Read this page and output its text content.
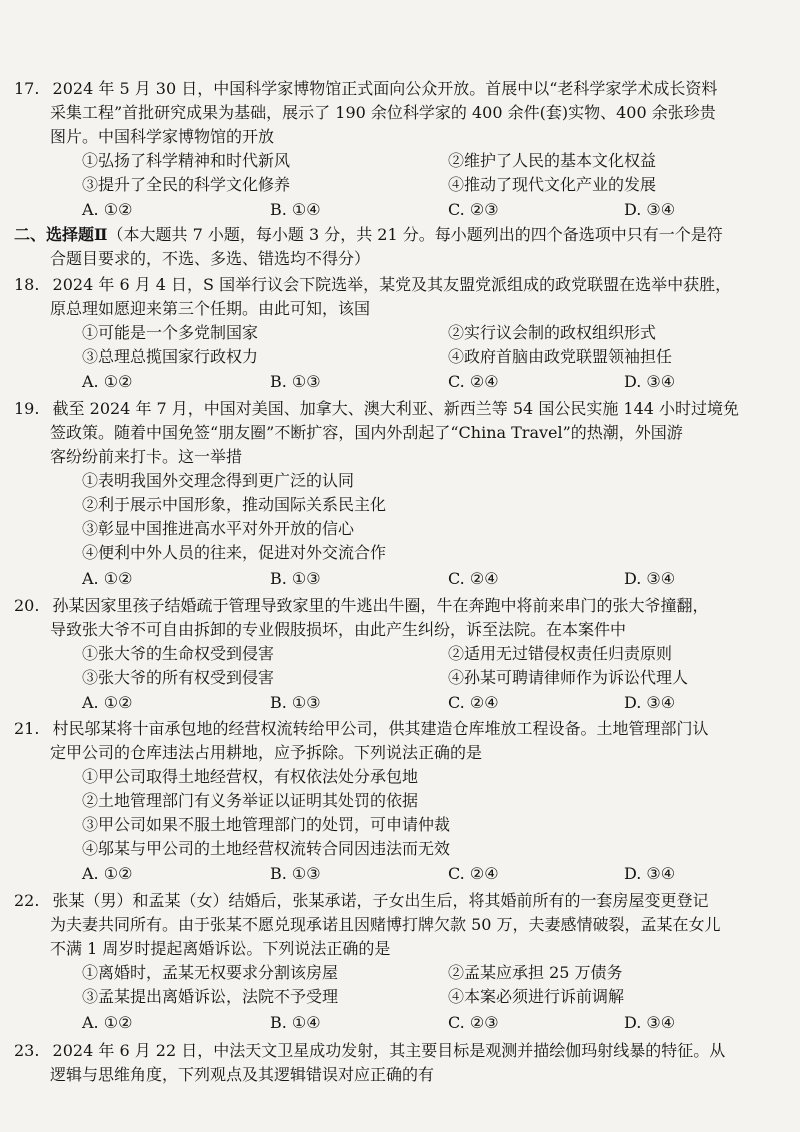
17. 2024 年 5 月 30 日，中国科学家博物馆正式面向公众开放。首展中以“老科学家学术成长资料
采集工程”首批研究成果为基础，展示了 190 余位科学家的 400 余件(套)实物、400 余张珍贵
图片。中国科学家博物馆的开放
①弘扬了科学精神和时代新风	②维护了人民的基本文化权益
③提升了全民的科学文化修养	④推动了现代文化产业的发展
A. ①②	B. ①④	C. ②③	D. ③④
二、选择题Ⅱ（本大题共 7 小题，每小题 3 分，共 21 分。每小题列出的四个备选项中只有一个是符
合题目要求的，不选、多选、错选均不得分）
18. 2024 年 6 月 4 日，S 国举行议会下院选举，某党及其友盟党派组成的政党联盟在选举中获胜，
原总理如愿迎来第三个任期。由此可知，该国
①可能是一个多党制国家	②实行议会制的政权组织形式
③总理总揽国家行政权力	④政府首脑由政党联盟领袖担任
A. ①②	B. ①③	C. ②④	D. ③④
19. 截至 2024 年 7 月，中国对美国、加拿大、澳大利亚、新西兰等 54 国公民实施 144 小时过境免
签政策。随着中国免签“朋友圈”不断扩容，国内外刮起了“China Travel”的热潮，外国游
客纷纷前来打卡。这一举措
①表明我国外交理念得到更广泛的认同
②利于展示中国形象，推动国际关系民主化
③彰显中国推进高水平对外开放的信心
④便利中外人员的往来，促进对外交流合作
A. ①②	B. ①③	C. ②④	D. ③④
20. 孙某因家里孩子结婚疏于管理导致家里的牛逃出牛圈，牛在奔跑中将前来串门的张大爷撞翻，
导致张大爷不可自由拆卸的专业假肢损坏，由此产生纠纷，诉至法院。在本案件中
①张大爷的生命权受到侵害	②适用无过错侵权责任归责原则
③张大爷的所有权受到侵害	④孙某可聘请律师作为诉讼代理人
A. ①②	B. ①③	C. ②④	D. ③④
21. 村民邬某将十亩承包地的经营权流转给甲公司，供其建造仓库堆放工程设备。土地管理部门认
定甲公司的仓库违法占用耕地，应予拆除。下列说法正确的是
①甲公司取得土地经营权，有权依法处分承包地
②土地管理部门有义务举证以证明其处罚的依据
③甲公司如果不服土地管理部门的处罚，可申请仲裁
④邬某与甲公司的土地经营权流转合同因违法而无效
A. ①②	B. ①③	C. ②④	D. ③④
22. 张某（男）和孟某（女）结婚后，张某承诺，子女出生后，将其婚前所有的一套房屋变更登记
为夫妻共同所有。由于张某不愿兑现承诺且因赌博打牌欠款 50 万，夫妻感情破裂，孟某在女儿
不满 1 周岁时提起离婚诉讼。下列说法正确的是
①离婚时，孟某无权要求分割该房屋	②孟某应承担 25 万债务
③孟某提出离婚诉讼，法院不予受理	④本案必须进行诉前调解
A. ①②	B. ①④	C. ②③	D. ③④
23. 2024 年 6 月 22 日，中法天文卫星成功发射，其主要目标是观测并描绘伽玛射线暴的特征。从
逻辑与思维角度，下列观点及其逻辑错误对应正确的有
